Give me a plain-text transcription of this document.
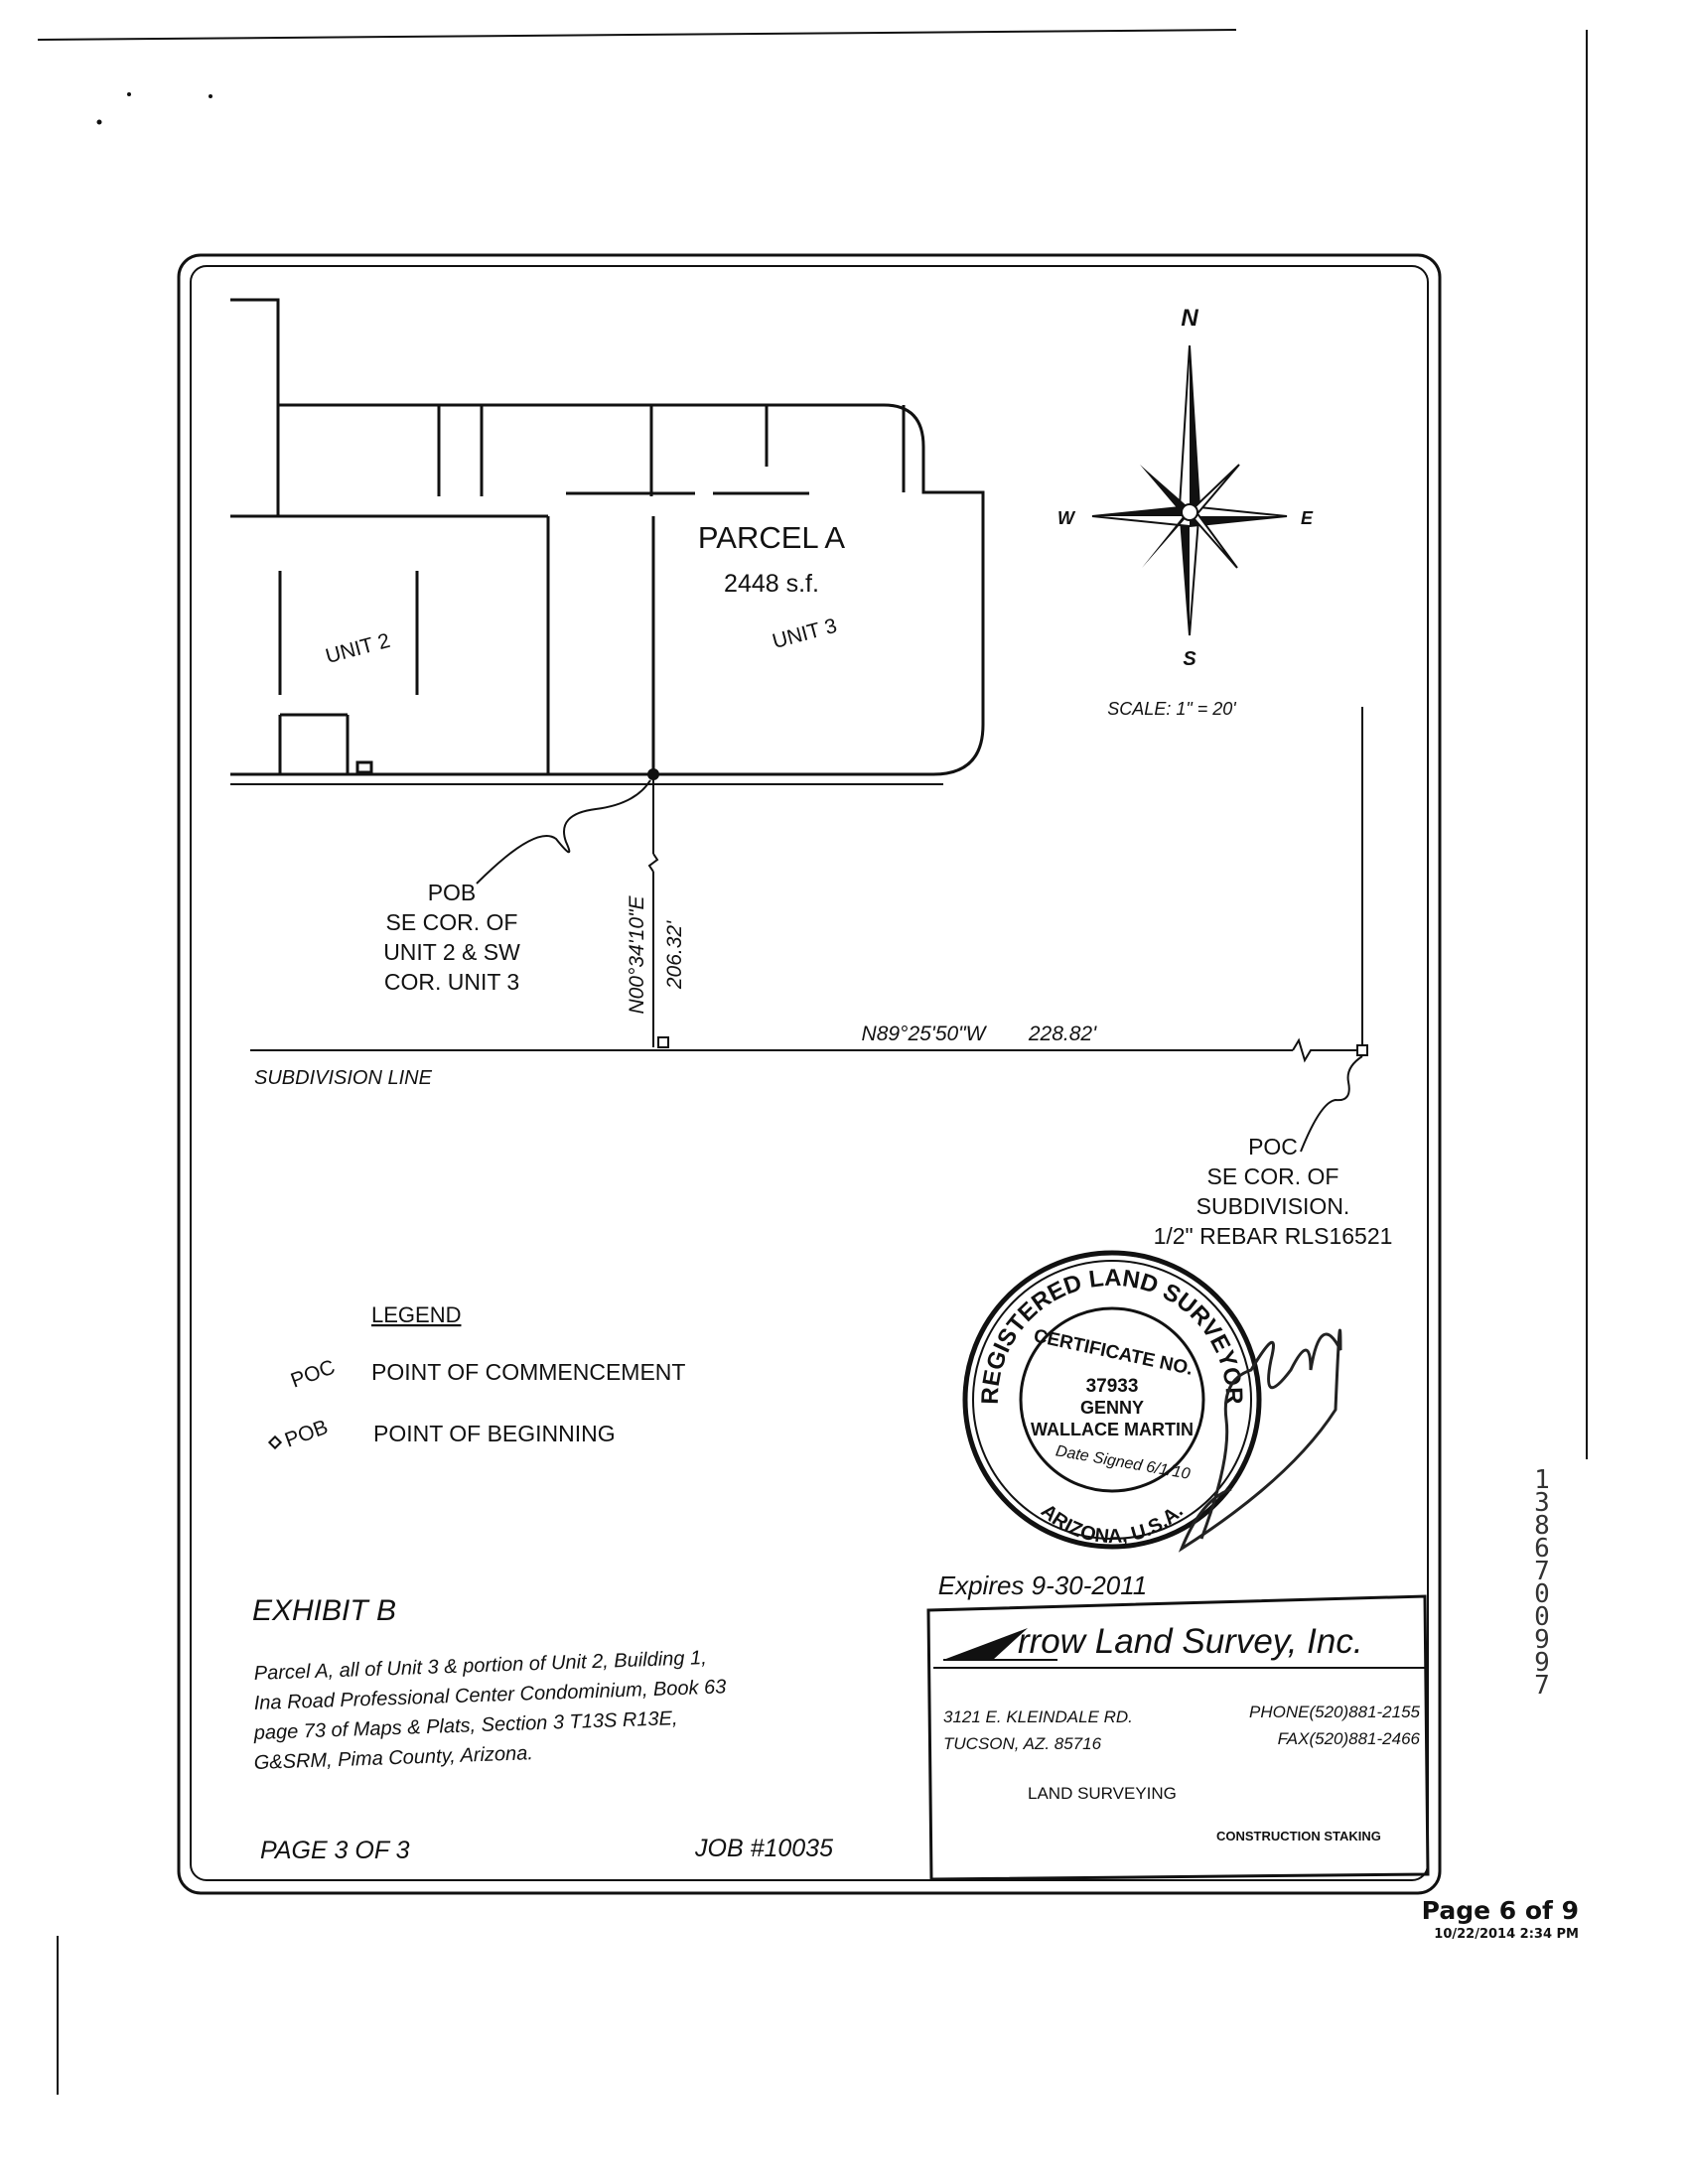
PARCEL A
2448 s.f.
UNIT 2	UNIT 3
POB
SE COR. OF
UNIT 2 & SW
COR. UNIT 3	N00°34'10"E 206.32'
N89°25'50"W 228.82'
SUBDIVISION LINE
POC
SE COR. OF
SUBDIVISION.
1/2" REBAR RLS16521
N
S
E
W
SCALE: 1" = 20'
LEGEND
POC POINT OF COMMENCEMENT
POB POINT OF BEGINNING
REGISTERED LAND SURVEYOR
ARIZONA, U.S.A.
CERTIFICATE NO.
37933
GENNY
WALLACE MARTIN
Date Signed 6/1/10
Expires 9-30-2011
EXHIBIT B
Parcel A, all of Unit 3 & portion of Unit 2, Building 1,
Ina Road Professional Center Condominium, Book 63
page 73 of Maps & Plats, Section 3 T13S R13E,
G&SRM, Pima County, Arizona.
PAGE 3 OF 3	JOB #10035
rrow Land Survey, Inc.
3121 E. KLEINDALE RD.
TUCSON, AZ. 85716
PHONE(520)881-2155
FAX(520)881-2466
LAND SURVEYING
CONSTRUCTION STAKING
13867 00997
Page 6 of 9
10/22/2014 2:34 PM
